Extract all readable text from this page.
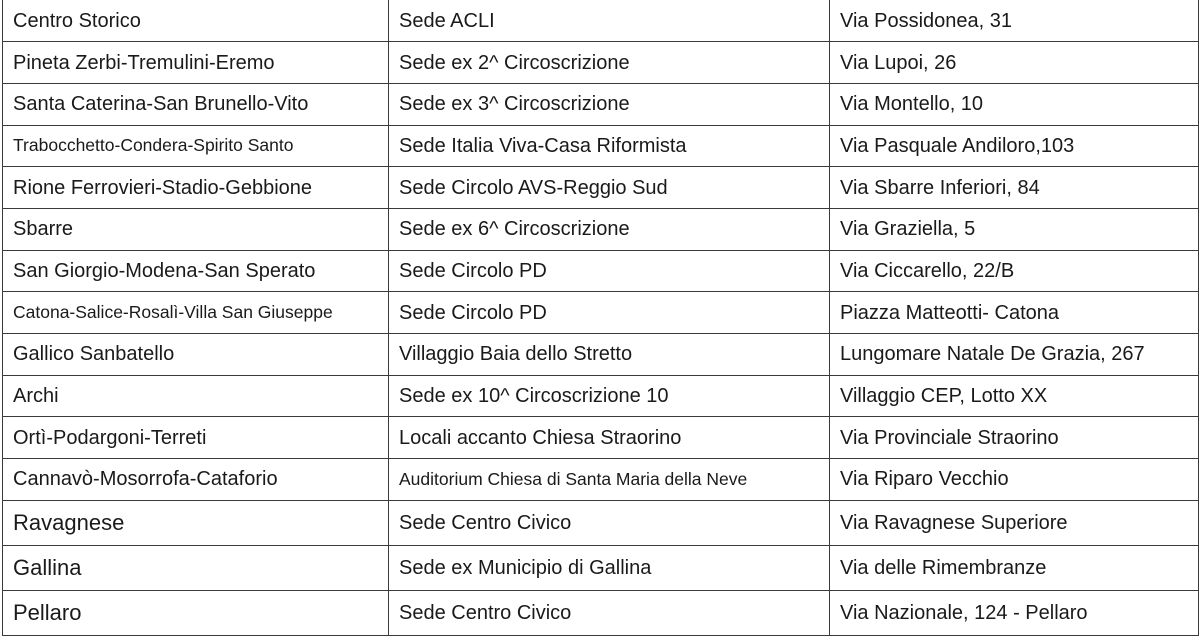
Centro Storico	Sede ACLI	Via Possidonea, 31
Pineta Zerbi-Tremulini-Eremo	Sede ex 2^ Circoscrizione	Via Lupoi, 26
Santa Caterina-San Brunello-Vito	Sede ex 3^ Circoscrizione	Via Montello, 10
Trabocchetto-Condera-Spirito Santo	Sede Italia Viva-Casa Riformista	Via Pasquale Andiloro,103
Rione Ferrovieri-Stadio-Gebbione	Sede Circolo AVS-Reggio Sud	Via Sbarre Inferiori, 84
Sbarre	Sede ex 6^ Circoscrizione	Via Graziella, 5
San Giorgio-Modena-San Sperato	Sede Circolo PD	Via Ciccarello, 22/B
Catona-Salice-Rosalì-Villa San Giuseppe	Sede Circolo PD	Piazza Matteotti- Catona
Gallico Sanbatello	Villaggio Baia dello Stretto	Lungomare Natale De Grazia, 267
Archi	Sede ex 10^ Circoscrizione 10	Villaggio CEP, Lotto XX
Ortì-Podargoni-Terreti	Locali accanto Chiesa Straorino	Via Provinciale Straorino
Cannavò-Mosorrofa-Cataforio	Auditorium Chiesa di Santa Maria della Neve	Via Riparo Vecchio
Ravagnese	Sede Centro Civico	Via Ravagnese Superiore
Gallina	Sede ex Municipio di Gallina	Via delle Rimembranze
Pellaro	Sede Centro Civico	Via Nazionale, 124 - Pellaro
